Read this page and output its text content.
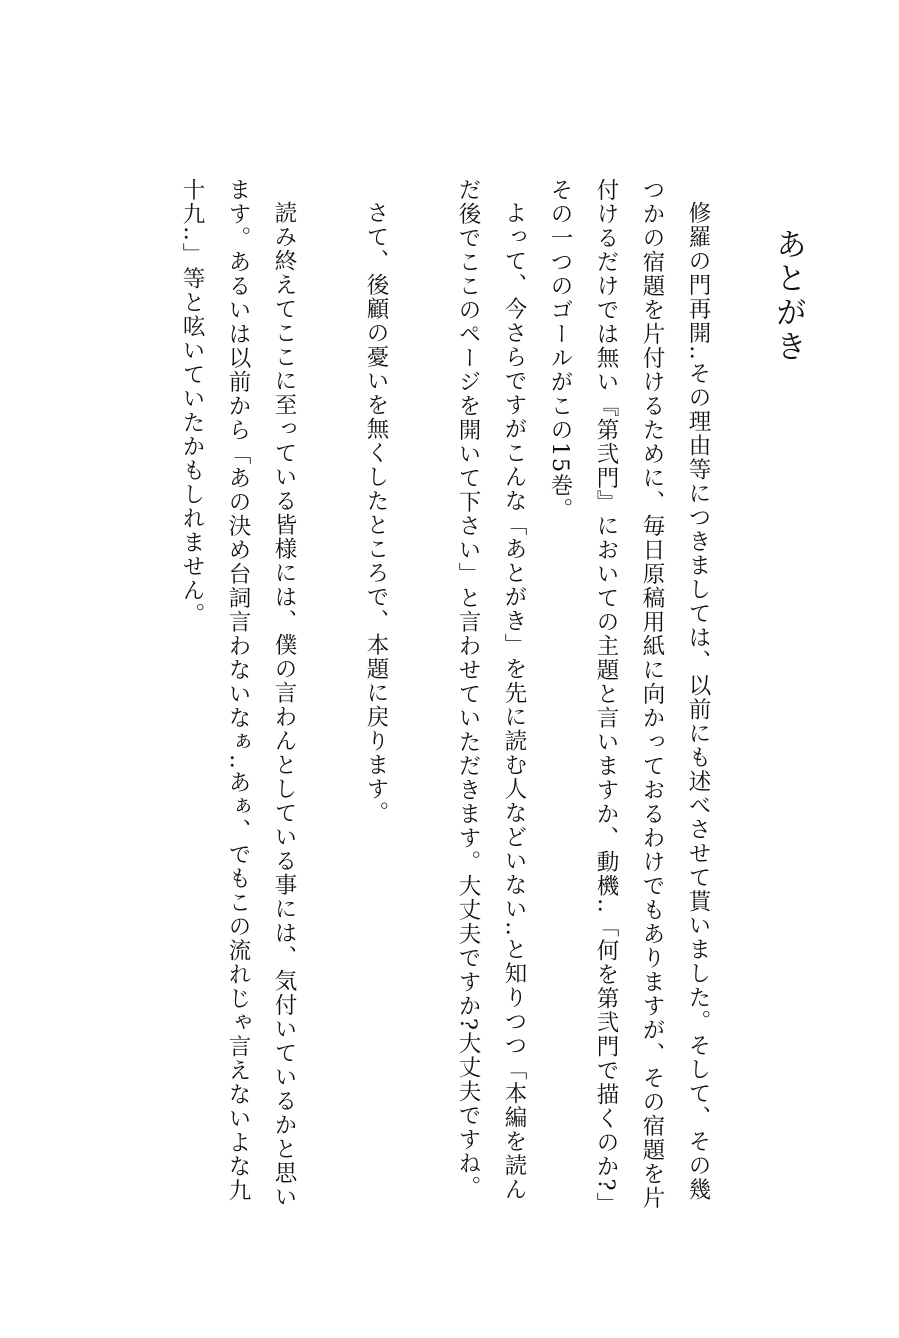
あとがき

修羅の門再開‥その理由等につきましては、以前にも述べさせて貰いました。そして、その幾つかの宿題を片付けるために、毎日原稿用紙に向かっておるわけでもありますが、その宿題を片付けるだけでは無い『第弐門』においての主題と言いますか、動機‥「何を第弐門で描くのか?」その一つのゴールがこの15巻。

よって、今さらですがこんな「あとがき」を先に読む人などいない‥と知りつつ「本編を読んだ後でここのページを開いて下さい」と言わせていただきます。大丈夫ですか?大丈夫ですね。

さて、後顧の憂いを無くしたところで、本題に戻ります。

読み終えてここに至っている皆様には、僕の言わんとしている事には、気付いているかと思います。あるいは以前から「あの決め台詞言わないなぁ‥あぁ、でもこの流れじゃ言えないよな九十九‥」等と呟いていたかもしれません。
